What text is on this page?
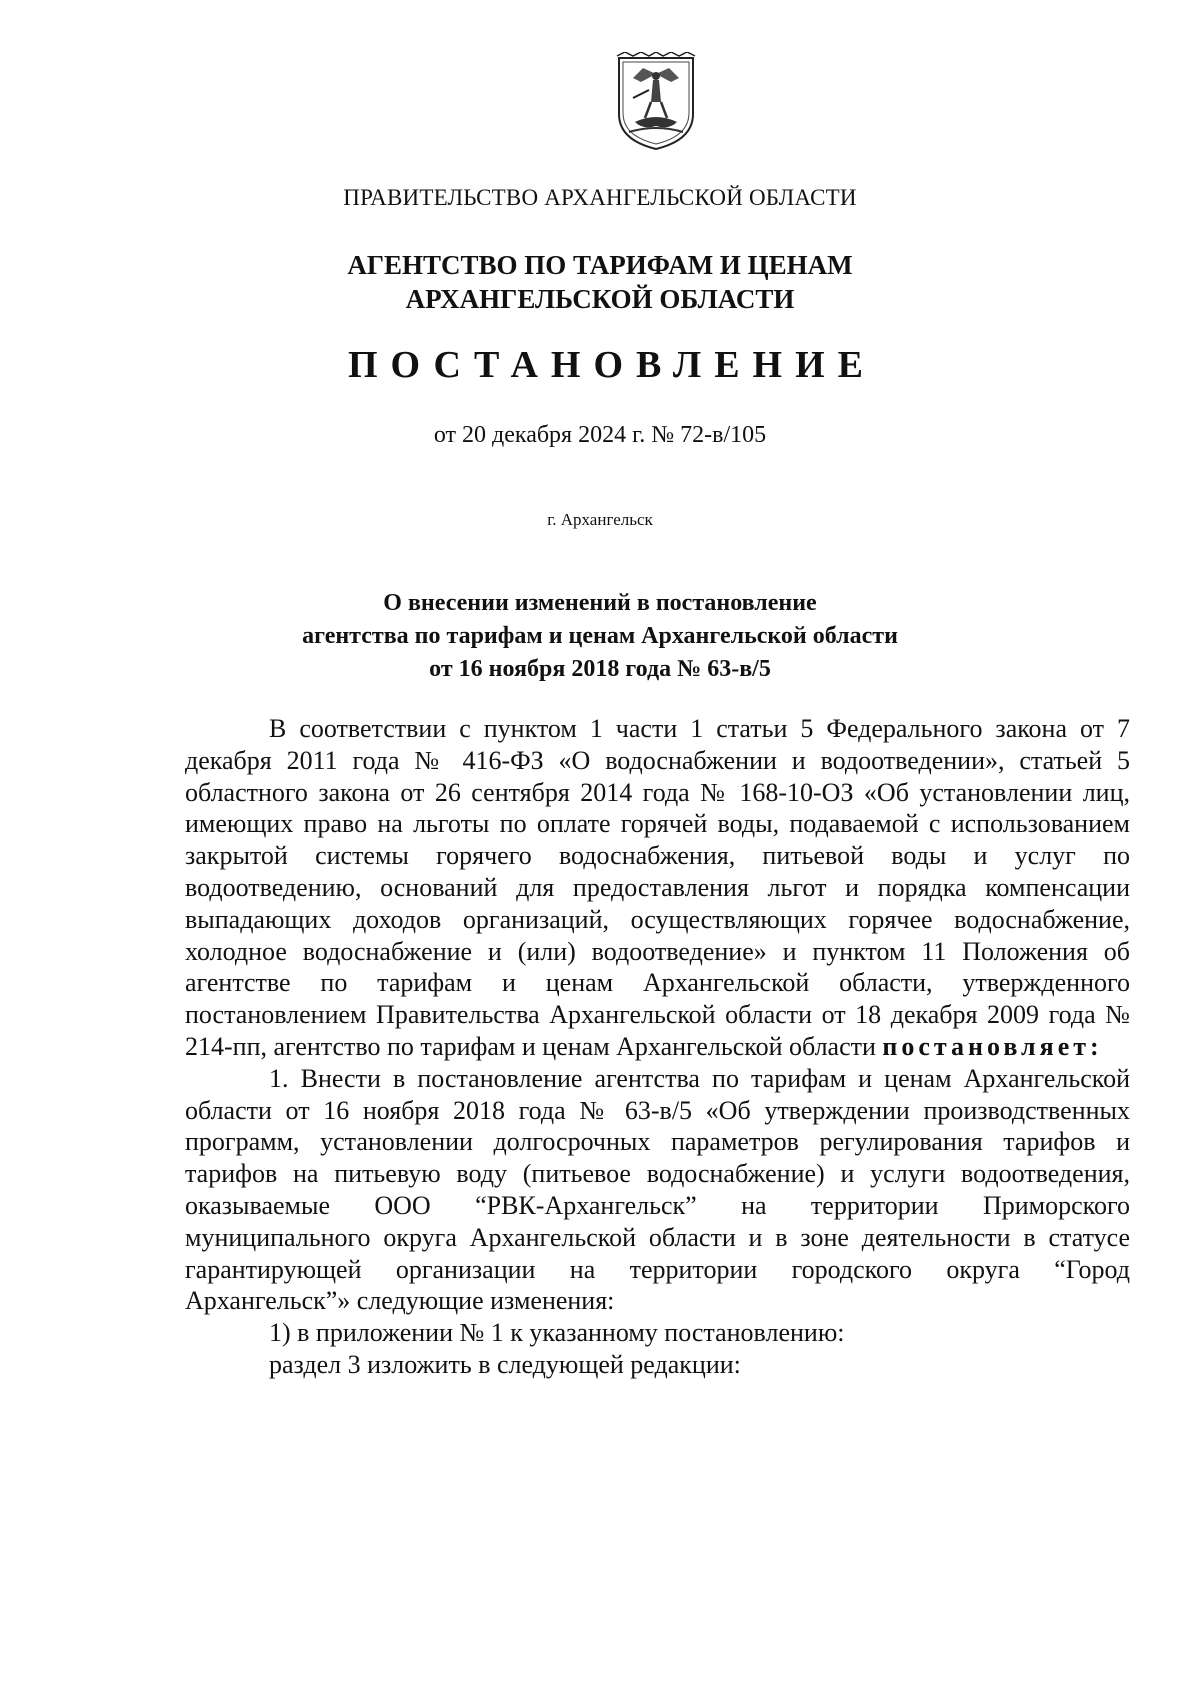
ПРАВИТЕЛЬСТВО АРХАНГЕЛЬСКОЙ ОБЛАСТИ
АГЕНТСТВО ПО ТАРИФАМ И ЦЕНАМ
АРХАНГЕЛЬСКОЙ ОБЛАСТИ
ПОСТАНОВЛЕНИЕ
от 20 декабря 2024 г. № 72-в/105
г. Архангельск
О внесении изменений в постановление
агентства по тарифам и ценам Архангельской области
от 16 ноября 2018 года № 63-в/5

В соответствии с пунктом 1 части 1 статьи 5 Федерального закона от 7 декабря 2011 года № 416-ФЗ «О водоснабжении и водоотведении», статьей 5 областного закона от 26 сентября 2014 года № 168-10-ОЗ «Об установлении лиц, имеющих право на льготы по оплате горячей воды, подаваемой с использованием закрытой системы горячего водоснабжения, питьевой воды и услуг по водоотведению, оснований для предоставления льгот и порядка компенсации выпадающих доходов организаций, осуществляющих горячее водоснабжение, холодное водоснабжение и (или) водоотведение» и пунктом 11 Положения об агентстве по тарифам и ценам Архангельской области, утвержденного постановлением Правительства Архангельской области от 18 декабря 2009 года № 214-пп, агентство по тарифам и ценам Архангельской области постановляет:

1. Внести в постановление агентства по тарифам и ценам Архангельской области от 16 ноября 2018 года № 63-в/5 «Об утверждении производственных программ, установлении долгосрочных параметров регулирования тарифов и тарифов на питьевую воду (питьевое водоснабжение) и услуги водоотведения, оказываемые ООО “РВК-Архангельск” на территории Приморского муниципального округа Архангельской области и в зоне деятельности в статусе гарантирующей организации на территории городского округа “Город Архангельск”» следующие изменения:

1) в приложении № 1 к указанному постановлению:

раздел 3 изложить в следующей редакции:
